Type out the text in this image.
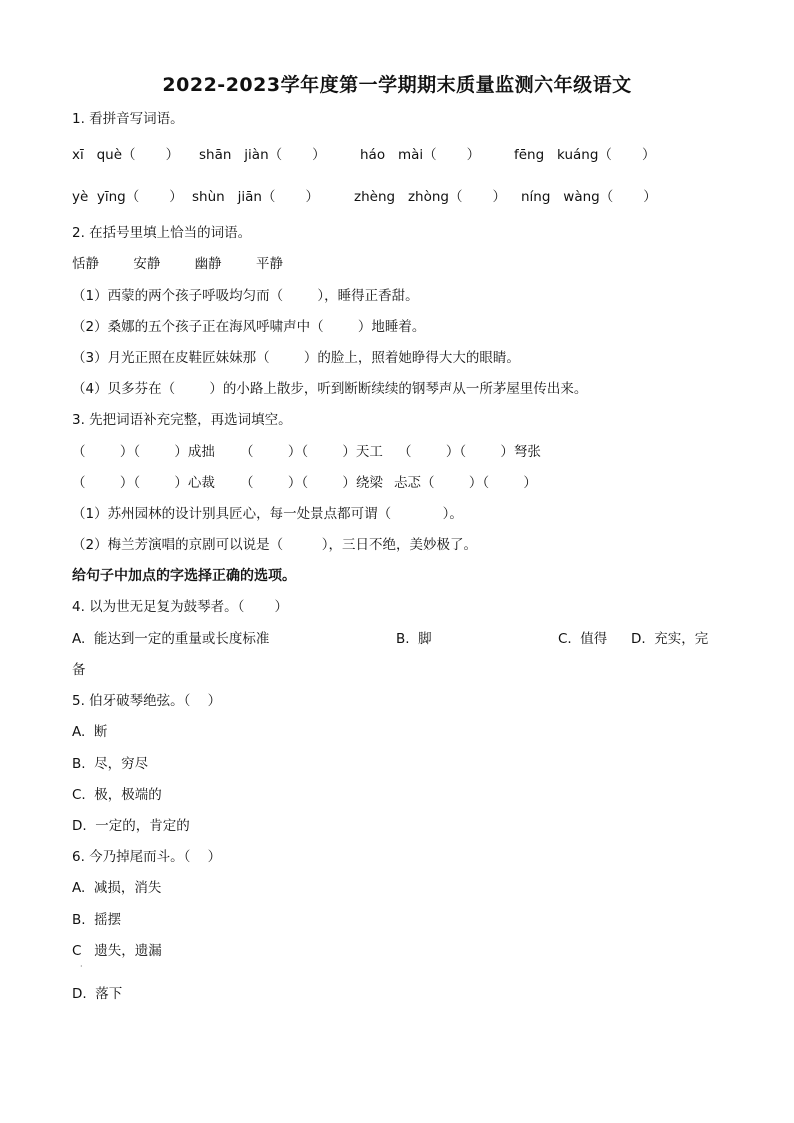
2022-2023学年度第一学期期末质量监测六年级语文
1. 看拼音写词语。
xī   què（       ） shān   jiàn（       ）	háo   mài（       ）	fēng   kuáng（       ）
yè  yīng（       ） shùn   jiān（       ）	zhèng   zhòng（       ） níng   wàng（       ）
2. 在括号里填上恰当的词语。
恬静        安静        幽静        平静
（1）西蒙的两个孩子呼吸均匀而（        ），睡得正香甜。
（2）桑娜的五个孩子正在海风呼啸声中（        ）地睡着。
（3）月光正照在皮鞋匠妹妹那（        ）的脸上，照着她睁得大大的眼睛。
（4）贝多芬在（        ）的小路上散步，听到断断续续的钢琴声从一所茅屋里传出来。
3. 先把词语补充完整，再选词填空。
（        ）（        ）成拙 （        ）（        ）天工 （        ）（        ）弩张
（        ）（        ）心裁 （        ）（        ）绕梁 忐忑（        ）（        ）
（1）苏州园林的设计别具匠心，每一处景点都可谓（            ）。
（2）梅兰芳演唱的京剧可以说是（         ），三日不绝，美妙极了。
给句子中加点的字选择正确的选项。
4. 以为世无足复为鼓琴者。（       ）
A.  能达到一定的重量或长度标准	B.  脚	C.  值得 D.  充实，完
备
5. 伯牙破琴绝弦。（    ）
A.  断
B.  尽，穷尽
C.  极，极端的
D.  一定的，肯定的
6. 今乃掉尾而斗。（    ）
A.  减损，消失
B.  摇摆
C   遗失，遗漏
·
D.  落下
